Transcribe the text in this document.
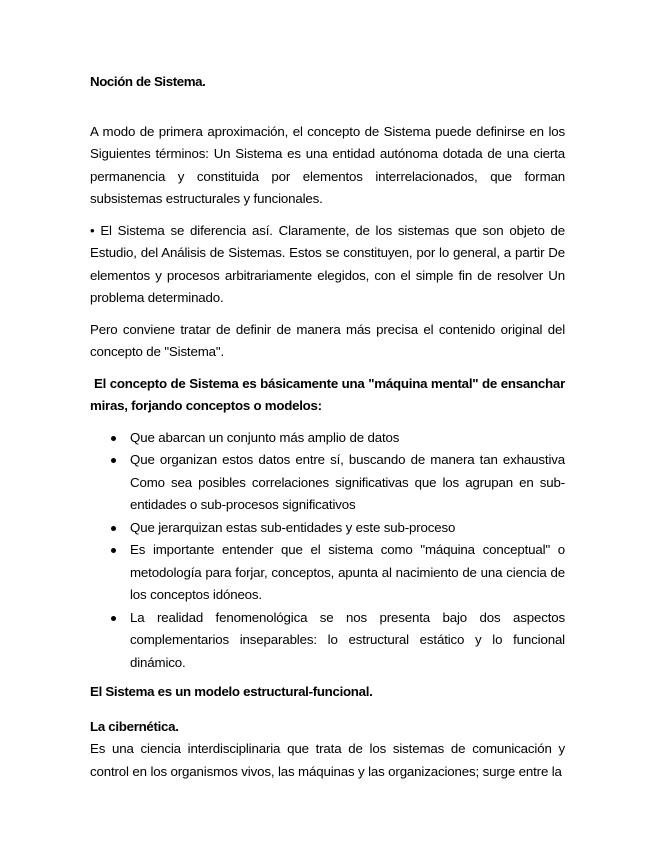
Noción de Sistema.

A modo de primera aproximación, el concepto de Sistema puede definirse en los Siguientes términos: Un Sistema es una entidad autónoma dotada de una cierta permanencia y constituida por elementos interrelacionados, que forman subsistemas estructurales y funcionales.

• El Sistema se diferencia así. Claramente, de los sistemas que son objeto de Estudio, del Análisis de Sistemas. Estos se constituyen, por lo general, a partir De elementos y procesos arbitrariamente elegidos, con el simple fin de resolver Un problema determinado.

Pero conviene tratar de definir de manera más precisa el contenido original del concepto de "Sistema".

El concepto de Sistema es básicamente una "máquina mental" de ensanchar miras, forjando conceptos o modelos:

Que abarcan un conjunto más amplio de datos
Que organizan estos datos entre sí, buscando de manera tan exhaustiva Como sea posibles correlaciones significativas que los agrupan en sub-entidades o sub-procesos significativos
Que jerarquizan estas sub-entidades y este sub-proceso
Es importante entender que el sistema como "máquina conceptual" o metodología para forjar, conceptos, apunta al nacimiento de una ciencia de los conceptos idóneos.
La realidad fenomenológica se nos presenta bajo dos aspectos complementarios inseparables: lo estructural estático y lo funcional dinámico.
El Sistema es un modelo estructural-funcional.
La cibernética.

Es una ciencia interdisciplinaria que trata de los sistemas de comunicación y control en los organismos vivos, las máquinas y las organizaciones; surge entre la
